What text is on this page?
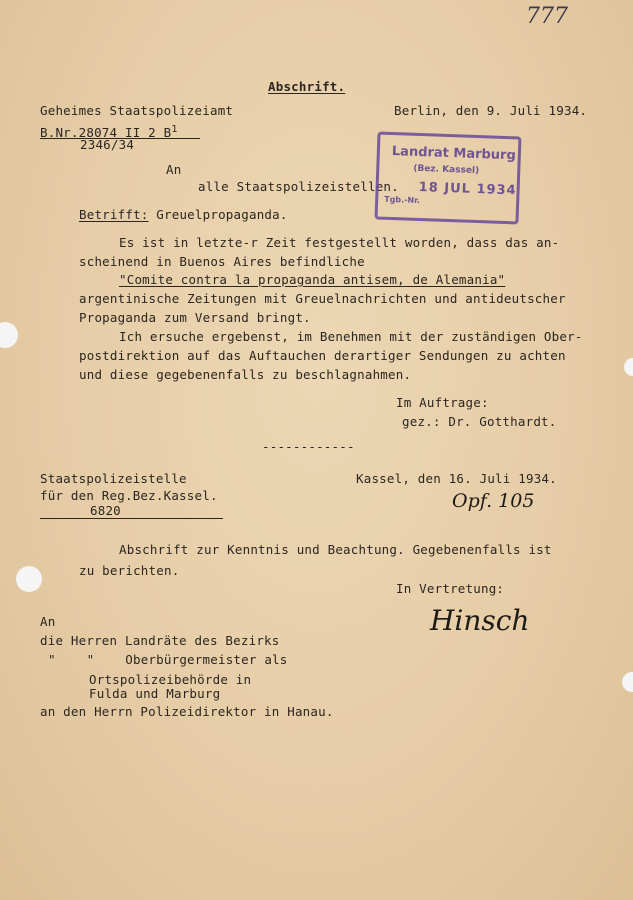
777
Abschrift.
Geheimes Staatspolizeiamt
B.Nr.28074 II 2 $B^1$
2346/34
Berlin, den 9. Juli 1934.
An
alle Staatspolizeistellen.
Landrat Marburg
(Bez. Kassel)
18 JUL 1934
Tgb.-Nr.
Betrifft: Greuelpropaganda.
Es ist in letzte-r Zeit festgestellt worden, dass das an-
scheinend in Buenos Aires befindliche
"Comite contra la propaganda antisem, de Alemania"
argentinische Zeitungen mit Greuelnachrichten und antideutscher
Propaganda zum Versand bringt.
Ich ersuche ergebenst, im Benehmen mit der zuständigen Ober-
postdirektion auf das Auftauchen derartiger Sendungen zu achten
und diese gegebenenfalls zu beschlagnahmen.
Im Auftrage:
gez.: Dr. Gotthardt.
------------
Staatspolizeistelle
für den Reg.Bez.Kassel.
6820
Kassel, den 16. Juli 1934.
Opf. 105
Abschrift zur Kenntnis und Beachtung. Gegebenenfalls ist
zu berichten.
In Vertretung:
Hinsch
An
die Herren Landräte des Bezirks
"    "    Oberbürgermeister als
Ortspolizeibehörde in
Fulda und Marburg
an den Herrn Polizeidirektor in Hanau.
